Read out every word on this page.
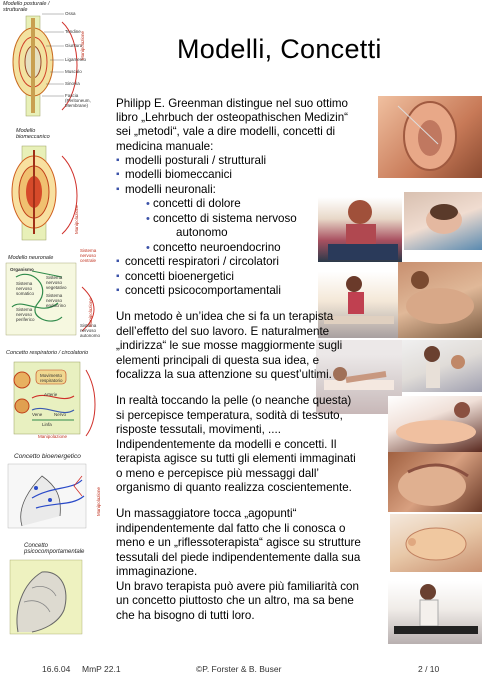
Modello posturale / strutturale
Ossa
Tendine
Giuntura
Ligamento
Muscolo
Sinovia
Fascia
(Peritoneum,
Membrane)
Manipolazione
Modello biomeccanico
Manipolazione
Modello neuronale
Sistema nervoso centrale
Organismo
Sistema nervoso somatico
Sistema nervoso vegetativo
Sistema nervoso endocrino
Sistema nervoso periferico
Sistema nervoso autonomo
Manipolazione
Concetto respiratorio / circolatorio
Movimento respiratorio
Arterie
Vene	Nervo
Linfa
Manipolazione
Concetto bioenergetico
Manipolazione
Concetto psicocomportamentale
Modelli, Concetti
Philipp E. Greenman distingue nel suo ottimo
libro „Lehrbuch der osteopathischen Medizin“
sei „metodi“, vale a dire modelli, concetti di
medicina manuale:
▪ modelli posturali / strutturali
▪ modelli biomeccanici
▪ modelli neuronali:
• concetti di dolore
• concetto di sistema nervoso
autonomo
• concetto neuroendocrino
▪ concetti respiratori / circolatori
▪ concetti bioenergetici
▪ concetti psicocomportamentali
Un metodo è un’idea che si fa un terapista
dell’effetto del suo lavoro. E naturalmente
„indirizza“ le sue mosse maggiormente sugli
elementi principali di questa sua idea, e
focalizza la sua attenzione su quest’ultimi.
In realtà toccando la pelle (o neanche questa)
si percepisce temperatura, sodità di tessuto,
risposte tessutali, movimenti, ....
Indipendentemente da modelli e concetti. Il
terapista agisce su tutti gli elementi immaginati
o meno e percepisce più messaggi dall’
organismo di quanto realizza coscientemente.
Un massaggiatore tocca „agopunti“
indipendentemente dal fatto che li conosca o
meno e un „riflessoterapista“ agisce su strutture
tessutali del piede indipendentemente dalla sua
immaginazione.
Un bravo terapista può avere più familiarità con
un concetto piuttosto che un altro, ma sa bene
che ha bisogno di tutti loro.
16.6.04 MmP 22.1	©P. Forster & B. Buser	2 / 10
